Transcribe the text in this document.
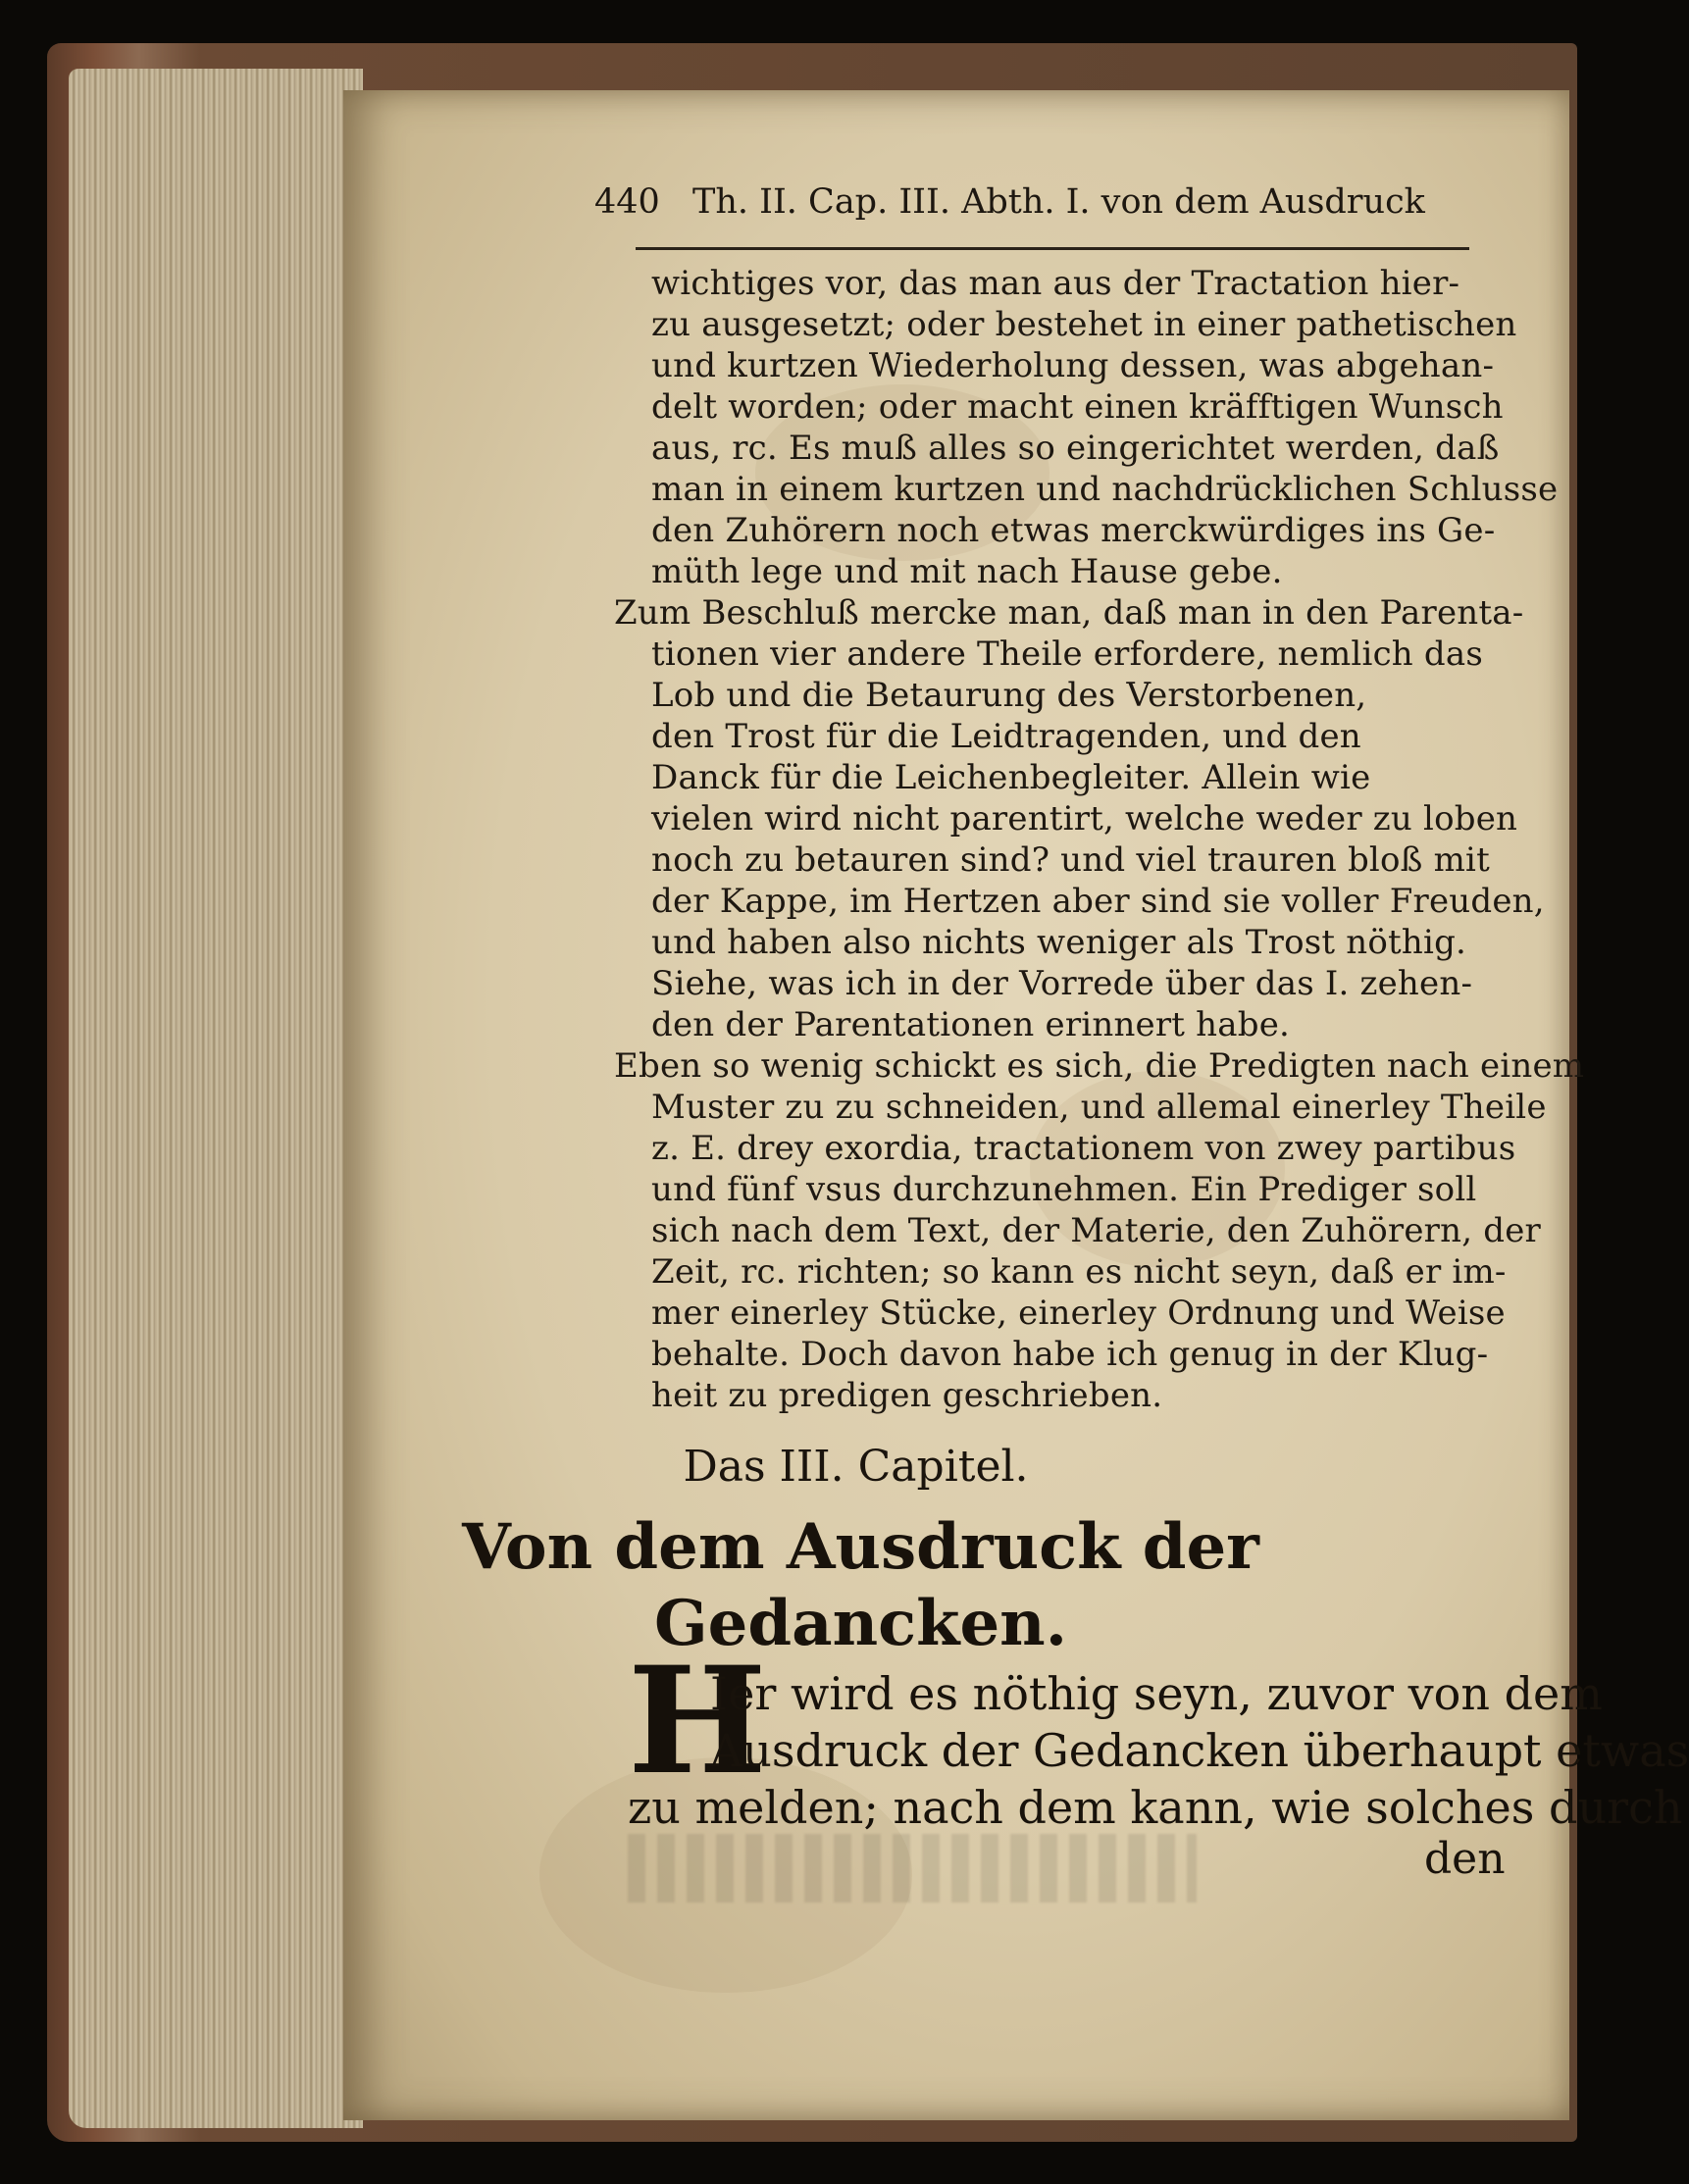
440 Th. II. Cap. III. Abth. I. von dem Ausdruck
wichtiges vor, das man aus der Tractation hier-
zu ausgesetzt; oder bestehet in einer pathetischen
und kurtzen Wiederholung dessen, was abgehan-
delt worden; oder macht einen kräfftigen Wunsch
aus, rc. Es muß alles so eingerichtet werden, daß
man in einem kurtzen und nachdrücklichen Schlusse
den Zuhörern noch etwas merckwürdiges ins Ge-
müth lege und mit nach Hause gebe.
Zum Beschluß mercke man, daß man in den Parenta-
tionen vier andere Theile erfordere, nemlich das
Lob und die Betaurung des Verstorbenen,
den Trost für die Leidtragenden, und den
Danck für die Leichenbegleiter. Allein wie
vielen wird nicht parentirt, welche weder zu loben
noch zu betauren sind? und viel trauren bloß mit
der Kappe, im Hertzen aber sind sie voller Freuden,
und haben also nichts weniger als Trost nöthig.
Siehe, was ich in der Vorrede über das I. zehen-
den der Parentationen erinnert habe.
Eben so wenig schickt es sich, die Predigten nach einem
Muster zu zu schneiden, und allemal einerley Theile
z. E. drey exordia, tractationem von zwey partibus
und fünf vsus durchzunehmen. Ein Prediger soll
sich nach dem Text, der Materie, den Zuhörern, der
Zeit, rc. richten; so kann es nicht seyn, daß er im-
mer einerley Stücke, einerley Ordnung und Weise
behalte. Doch davon habe ich genug in der Klug-
heit zu predigen geschrieben.
Das III. Capitel.
Von dem Ausdruck der
Gedancken.
H
Ier wird es nöthig seyn, zuvor von dem
Ausdruck der Gedancken überhaupt etwas
zu melden; nach dem kann, wie solches durch
den
